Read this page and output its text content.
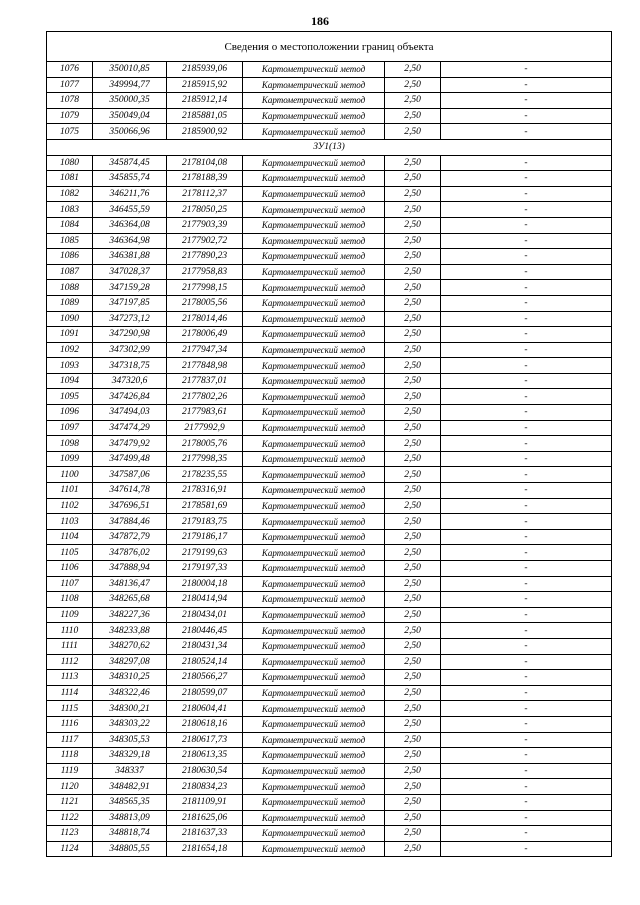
186
Сведения о местоположении границ объекта					
1076	350010,85	2185939,06	Картометрический метод	2,50	-
1077	349994,77	2185915,92	Картометрический метод	2,50	-
1078	350000,35	2185912,14	Картометрический метод	2,50	-
1079	350049,04	2185881,05	Картометрический метод	2,50	-
1075	350066,96	2185900,92	Картометрический метод	2,50	-
ЗУ1(13)					
1080	345874,45	2178104,08	Картометрический метод	2,50	-
1081	345855,74	2178188,39	Картометрический метод	2,50	-
1082	346211,76	2178112,37	Картометрический метод	2,50	-
1083	346455,59	2178050,25	Картометрический метод	2,50	-
1084	346364,08	2177903,39	Картометрический метод	2,50	-
1085	346364,98	2177902,72	Картометрический метод	2,50	-
1086	346381,88	2177890,23	Картометрический метод	2,50	-
1087	347028,37	2177958,83	Картометрический метод	2,50	-
1088	347159,28	2177998,15	Картометрический метод	2,50	-
1089	347197,85	2178005,56	Картометрический метод	2,50	-
1090	347273,12	2178014,46	Картометрический метод	2,50	-
1091	347290,98	2178006,49	Картометрический метод	2,50	-
1092	347302,99	2177947,34	Картометрический метод	2,50	-
1093	347318,75	2177848,98	Картометрический метод	2,50	-
1094	347320,6	2177837,01	Картометрический метод	2,50	-
1095	347426,84	2177802,26	Картометрический метод	2,50	-
1096	347494,03	2177983,61	Картометрический метод	2,50	-
1097	347474,29	2177992,9	Картометрический метод	2,50	-
1098	347479,92	2178005,76	Картометрический метод	2,50	-
1099	347499,48	2177998,35	Картометрический метод	2,50	-
1100	347587,06	2178235,55	Картометрический метод	2,50	-
1101	347614,78	2178316,91	Картометрический метод	2,50	-
1102	347696,51	2178581,69	Картометрический метод	2,50	-
1103	347884,46	2179183,75	Картометрический метод	2,50	-
1104	347872,79	2179186,17	Картометрический метод	2,50	-
1105	347876,02	2179199,63	Картометрический метод	2,50	-
1106	347888,94	2179197,33	Картометрический метод	2,50	-
1107	348136,47	2180004,18	Картометрический метод	2,50	-
1108	348265,68	2180414,94	Картометрический метод	2,50	-
1109	348227,36	2180434,01	Картометрический метод	2,50	-
1110	348233,88	2180446,45	Картометрический метод	2,50	-
1111	348270,62	2180431,34	Картометрический метод	2,50	-
1112	348297,08	2180524,14	Картометрический метод	2,50	-
1113	348310,25	2180566,27	Картометрический метод	2,50	-
1114	348322,46	2180599,07	Картометрический метод	2,50	-
1115	348300,21	2180604,41	Картометрический метод	2,50	-
1116	348303,22	2180618,16	Картометрический метод	2,50	-
1117	348305,53	2180617,73	Картометрический метод	2,50	-
1118	348329,18	2180613,35	Картометрический метод	2,50	-
1119	348337	2180630,54	Картометрический метод	2,50	-
1120	348482,91	2180834,23	Картометрический метод	2,50	-
1121	348565,35	2181109,91	Картометрический метод	2,50	-
1122	348813,09	2181625,06	Картометрический метод	2,50	-
1123	348818,74	2181637,33	Картометрический метод	2,50	-
1124	348805,55	2181654,18	Картометрический метод	2,50	-
